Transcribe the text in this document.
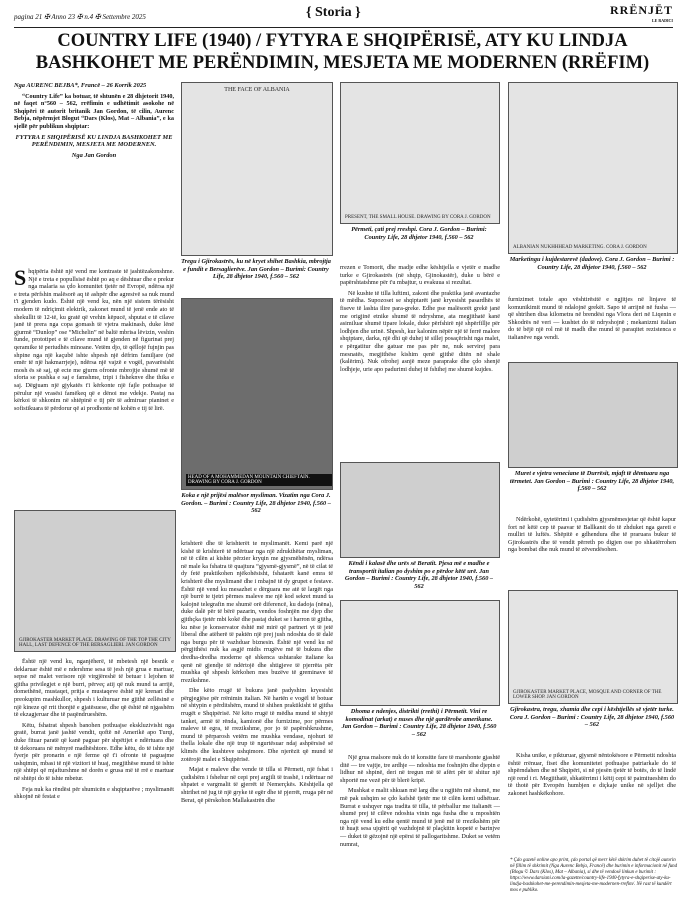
pagina 21 ✠ Anno 23 ✠ n.4 ✠ Settembre 2025	{ Storia }	RRËNJËT
LE RADICI
COUNTRY LIFE (1940) / FYTYRA E SHQIPËRISË, ATY KU LINDJA BASHKOHET ME PERËNDIMIN, MESJETA ME MODERNEN (RRËFIM)

Nga AURENC BEJBA*, Francë – 26 Korrik 2025

“Country Life” ka botuar, të shtunën e 28 dhjetorit 1940, në faqet n°560 – 562, rrëfimin e udhëtimit asokohe në Shqipëri të autorit britanik Jan Gordon, të cilin, Aurenc Bebja, nëpërmjet Blogut “Dars (Klos), Mat – Albania”, e ka sjellë për publikun shqiptar:

FYTYRA E SHQIPËRISË KU LINDJA BASHKOHET ME PERËNDIMIN, MESJETA ME MODERNEN.

Nga Jan Gordon

Shqipëria është një vend me kontraste të jashtëzakonshme. Një e treta e popullsisë është po aq e dështuar dhe e prekur nga malaria sa çdo komunitet tjetër në Evropë, ndërsa një e treta përfshin malësorë aq të ashpër dhe agresivë sa nuk mund t'i gjenden kudo. Është një vend ku, nën një sistem tërësisht modern të ndriçimit elektrik, zakonet mund të jenë ende ato të shekullit të 12-të, ku gratë që vrehin këpucë, shputat e të cilave janë të prera nga copa gomash të vjetra makinash, duke lënë gjurmë “Dunlop” ose “Michelin” në baltë mbrisa lëvizin, veshin funde, prototipet e të cilave mund të gjenden në figurinat prej qeramike të periudhës minoane. Vetëm djo, të qëllojë fujnjin pas shpine nga një kaçubë ishte shpesh një dëfrim familjare (në emër të një hakmarrjeje), ndërsa një vajzë e vogël, pavarësisht mosh ës së saj, që ecte me gjurm ofronte mbrojtje shumë më të sforta se pushka e saj e famshme, tripi i fisheknve dhe thika e saj. Dëgjuam një gjykatës t'i kërkonte një fajle pothuajse të përulur një vrasësi famëkeq që e dënoi me vdekje. Pastaj na kërkoi të shkonim në shtëpinë e tij për të admiruar pianinet e sofistikuara të përdorur që ai prodhonte në kohën e tij të lirë.

GJIROKASTER MARKET PLACE. DRAWING OF THE TOP THE CITY HALL, LAST DEFENCE OF THE BERSAGLIERI. JAN GORDON

Është një vend ku, nganjëherë, të mbetesh një besnik e deklaruar është më e ndershme sesa të jesh një grua e martuar, sepse në malet verisore një virgjëreshë të betuar i lejohen të gjitha privilegjet e një burri, përveç atij që nuk mund ta arrijë, domethënë, mustaqet, pritja e mustaqeve është një krenari dhe preokupim mashkullor, shpesh i kulturuar me gjithë zellësinë e një kineze që rrit thonjtë e gjatësuese, dhe që është në njgashëm të ekzagjeruar dhe të paqëndrueshëm.

Këtu, fshatrat shpesh banohen pothuajse ekskluzivisht nga gratë, burrat janë jashtë vendit, qoftë në Amerikë apo Turqi, duke fituar paratë që kanë paguar për shpëtijet e ndërtuara dhe të dekoruara në mënyrë madhështore. Edhe këtu, do të ishte një fyerje për pronarin e një ferme që t'i ofronte të paguajme ushqimin, mbasi të një vizitori të huaj, megjithëse mund të ishte një shtëpi që mjafturshme në dorën e grusa më të rrë e martuar në shtëpi do të ishte mbetur.

Feja nuk ka rëndësi për shumicën e shqiptarëve ; myslimanët shkojnë në festat e

THE FACE OF ALBANIA
Tregu i Gjirokastrës, ku në kryet shihet Bashkia, mbrojtja e fundit e Bersaglierëve. Jan Gordon – Burimi: Country Life, 28 dhjetor 1940, f.560 – 562
HEAD OF A MOHAMMEDAN MOUNTAIN CHIEFTAIN. DRAWING BY CORA J. GORDON
Koka e një prijësi malësor mysliman. Vizatim nga Cora J. Gordon. – Burimi : Country Life, 28 dhjetor 1940, f.560 – 562

krishterë dhe të krishterët te myslimanët. Kemi parë një kishë të krishterë të ndërtuar nga një zdrukthëtar mysliman, në të cilën ai kishte përzier kryqin me gjysmëhënën, ndërsa në male ka fshatra të quajtura “gjysmë-gjysmë”, në të cilat të dy fetë praktikohen njëkohësisht, fshatarët kanë emra të krishterë dhe myslimanë dhe i mbajnë të dy grupet e festave. Është një vend ku mesazhet e dërguara me atë të largët nga një burrë te tjetri përmes maleve me një kod sekret mund ta kalojnë telegrafin me shumë orë diferencë, ku dadoja (nëna), duke dalë për të bërë pazarin, vendos foshnjën me djep dhe gjithçka tjetër mbi kokë dhe pastaj duket se i harron të gjitha, ku nëse je konservator është më mirë që partneri yt të jetë liberal dhe atëherë të paktën një prej jush ndoshta do të dalë nga burgu për të vazhduar biznesin. Është një vend ku në përgjithësi nuk ka asgjë midis rrugëve më të bukura dhe dredha-dredha moderne që shkencа ushtarake italiane ka qenë në gjendje të ndërtojë dhe shtigjeve të pjerrëta për mushka që shpesh kërkohen mes buzëve të greminave të rrezikshme.

Dhe këto rrugë të bukura janë padyshim kryesisht përgjegjëse për rrënimin italian. Në hartën e vogël të botuar në shtypin e përditshëm, mund të shihen praktikisht të gjitha rrugët e Shqipërisë. Në këto rrugë të mëdha mund të shtyjë tanket, armë të rënda, kamionë dhe furnizime, por përmes maleve të egra, të rrezikshme, por jo të papërshkrushme, mund të përparosh vetëm me mushka vendase, njohuri të thella lokale dhe një trup të ngurtësuar ndaj ashpërsisë së klimës dhe kushteve ushqimore. Dhe njerëzit që mund të zotërojë malet e Shqipërisë.

Majat e maleve dhe vende të tilla si Përmeti, një fshat i çudishëm i fshehur në cepi prej argjili të trashë, i ndërtuar në shpatet e vargmalit të gjerrët të Nemerçkës. Kështjella që shtrihet në jug të një gryke të egër dhe të pjerrët, rruga për në Berat, që përskohon Mallakastrën dhe

PRESENT, THE SMALL HOUSE. DRAWING BY CORA J. GORDON
Përmeti, çati prej rreshpi. Cora J. Gordon – Burimi: Country Life, 28 dhjetor 1940, f.560 – 562

rrezen e Tomorit, dhe madje edhe kështjella e vjetër e madhe turke e Gjirokastrës (në shqip, Gjinokastër), duke u bërë e papërshtatshme për t'u mbajtur, u evakuua si rezultat.

Në kushte të tilla luftimi, zakoni dhe praktika janë avantazhe të mëdha. Supozoset se shqiptarët janë kryesisht pasardhës të fiseve të lashta ilire para-greke. Edhe pse malësorët grekë janë me origjinë etnike shumë të ndryshme, ata megjithatë kanë asimiluar shumë tipare lokale, duke përfshirë një shpërfillje për lodhjen dhe urinë. Shpesh, kur kalonim nëpër një të ferrë malore shqiptare, darka, një dhi që duhej të sillej posaçërisht nga malet, e përgatitur dhe gatuar me pas për ne, nuk servirej para mesnatës, megjithëse kishim qenë gjithë ditën në shale (kalërim). Nuk ofrohej asnjë meze paraprake dhe çdo shenjë lodhjeje, urie apo padurimi duhej të fshihej me shumë kujdes.

Këndi i kalasë dhe urës së Beratit. Pjesa më e madhe e transportit italian po dyshim po e përdor këtë urë. Jan Gordon – Burimi : Country Life, 28 dhjetor 1940, f.560 – 562
Dhoma e ndenjes, distrikti (rrethi) i Përmetit. Vini re komodinat (arkat) e nuses dhe një gardërobe amerikane. Jan Gordon – Burimi : Country Life, 28 dhjetor 1940, f.560 – 562

Një grua malsore nuk do të konsitte fare të marshonte gjashtë ditë — tre vajtje, tre ardhje — ndoshta me foshnjën dhe djepin e lidhur në shpinë, deri në tregun më të afërt për të shitur një shportë me vezë për të blerë kripë.

Mushkat e malit shkuan më larg dhe u ngjitën më shumë, me më pak ushqim se çdo kafshë tjetër me të cilën kemi udhëtuar. Burrat e ushqyer nga tradita të tilla, të përballur me italianët — shumë prej të cilëve ndoshta vinin nga fusha dhe u mposhtën nga një vend ku edhe qentë mund të jenë më të rrezikshëm për të huajt sesa ujqërit që vazhdojnë të plaçkitin kopetë e barinjve — duket të gëzojnë një epërsi të pallogaritshme. Duket se vetëm numrat,

ALBANIAN NUKHHHEAD MARKETING. CORA J. GORDON
Marketingu i kujdestarevë (dadove). Cora J. Gordon – Burimi : Country Life, 28 dhjetor 1940, f.560 – 562

furnizimet totale apo vështirësitë e ngjitjes në linjave të komunikimit mund të ndalojnë grekët. Sapo të arrijnë në fusha — që shtrihen disa kilometra në brendësi nga Vlora deri në Liqenin e Shkodrës në veri — kushtet do të ndryshojnë ; mekanizmi italian do të bëjë një rol më të madh dhe mund të paraqitet rezistenca e italianëve nga vendi.

Muret e vjetra veneciane të Durrësit, mjaft të dëmtuara nga tërmetet. Jan Gordon – Burimi : Country Life, 28 dhjetor 1940, f.560 – 562

Ndërkohë, qytetërimi i çudishëm gjysmëmesjetar që është kapur fort në këtë cep të paavar të Ballkanit do të zhduket nga gareti e mulliri të luftës. Shëpitë e gdhendura dhe të praruara bukur të Gjirokastrës dhe të vendit përreth po digjen ose po shkatërrohen nga bombat dhe nuk mund të zëvendësohen.

GJIROKASTER MARKET PLACE, MOSQUE AND CORNER OF THE LOWER SHOP. JAN GORDON
Gjirokastra, tregu, xhamia dhe cepi i kështjellës së vjetër turke. Cora J. Gordon – Burimi : Country Life, 28 dhjetor 1940, f.560 – 562

Kisha unike, e pikturuar, gjysmë nëntokësore e Përmetit ndoshta është rrënuar, fiset dhe komunitetet pothuajse patriarkale do të shpërndahen dhe në Shqipëri, si në pjesën tjetër të botës, do të lindë një rend i ri. Megjithatë, shkatërrimi i këtij cepi të paimitueshëm do të thotë për Evropën humbjen e diçkaje unike në sjelljet dhe zakonet hashkëkohore.

* Çdo gazetë online apo print, çdo portal që merr këtë shkrim duhet të citojë autorin në fillim të shkrimit (Nga Aurenc Bebja, Francë) dhe burimin e informacionit në fund (Blogu © Dars (Klos), Mat – Albania), si dhe të vendosë linkun e burimit : https://www.darsiani.com/la-gazette/country-life-1940-fytyra-e-shqiperise-aty-ku-lindja-bashkohet-me-perendimin-mesjeta-me-modernen-rrefim/. Në rast të kundërt mos e publiko.
